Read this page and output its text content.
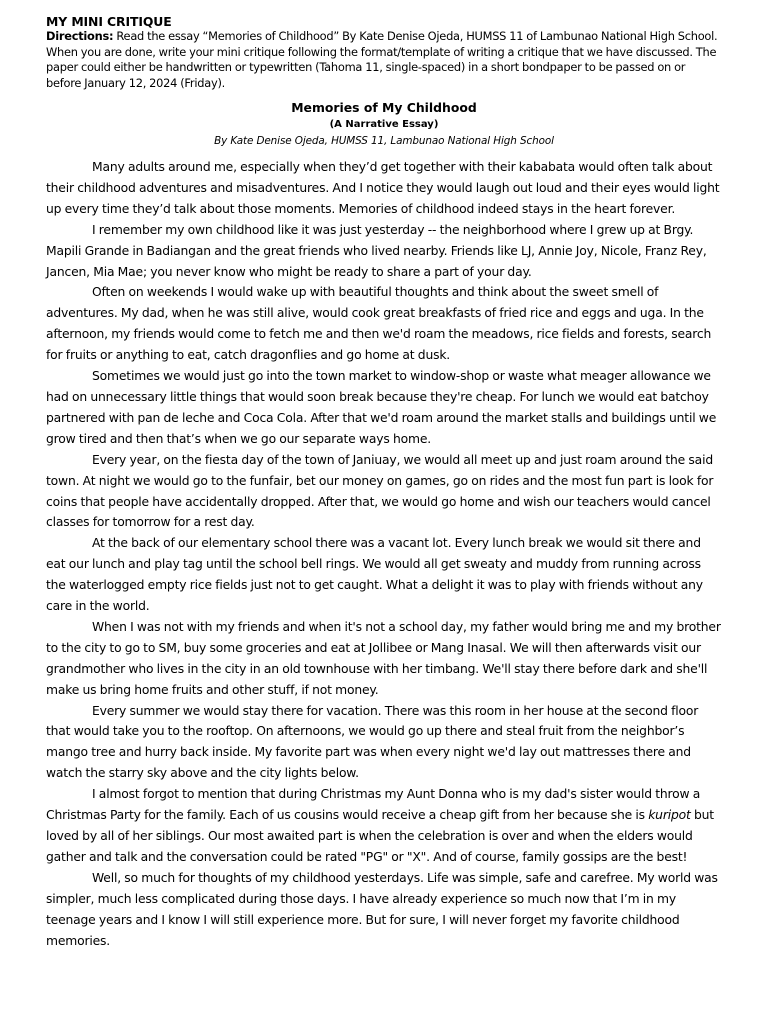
MY MINI CRITIQUE

Directions: Read the essay “Memories of Childhood” By Kate Denise Ojeda, HUMSS 11 of Lambunao National High School. When you are done, write your mini critique following the format/template of writing a critique that we have discussed. The paper could either be handwritten or typewritten (Tahoma 11, single-spaced) in a short bondpaper to be passed on or before January 12, 2024 (Friday).

Memories of My Childhood

(A Narrative Essay)

By Kate Denise Ojeda, HUMSS 11, Lambunao National High School

Many adults around me, especially when they’d get together with their kababata would often talk about their childhood adventures and misadventures. And I notice they would laugh out loud and their eyes would light up every time they’d talk about those moments. Memories of childhood indeed stays in the heart forever.

I remember my own childhood like it was just yesterday -- the neighborhood where I grew up at Brgy. Mapili Grande in Badiangan and the great friends who lived nearby. Friends like LJ, Annie Joy, Nicole, Franz Rey, Jancen, Mia Mae; you never know who might be ready to share a part of your day.

Often on weekends I would wake up with beautiful thoughts and think about the sweet smell of adventures. My dad, when he was still alive, would cook great breakfasts of fried rice and eggs and uga. In the afternoon, my friends would come to fetch me and then we'd roam the meadows, rice fields and forests, search for fruits or anything to eat, catch dragonflies and go home at dusk.

Sometimes we would just go into the town market to window-shop or waste what meager allowance we had on unnecessary little things that would soon break because they're cheap. For lunch we would eat batchoy partnered with pan de leche and Coca Cola. After that we'd roam around the market stalls and buildings until we grow tired and then that’s when we go our separate ways home.

Every year, on the fiesta day of the town of Janiuay, we would all meet up and just roam around the said town. At night we would go to the funfair, bet our money on games, go on rides and the most fun part is look for coins that people have accidentally dropped. After that, we would go home and wish our teachers would cancel classes for tomorrow for a rest day.

At the back of our elementary school there was a vacant lot. Every lunch break we would sit there and eat our lunch and play tag until the school bell rings. We would all get sweaty and muddy from running across the waterlogged empty rice fields just not to get caught. What a delight it was to play with friends without any care in the world.

When I was not with my friends and when it's not a school day, my father would bring me and my brother to the city to go to SM, buy some groceries and eat at Jollibee or Mang Inasal. We will then afterwards visit our grandmother who lives in the city in an old townhouse with her timbang. We'll stay there before dark and she'll make us bring home fruits and other stuff, if not money.

Every summer we would stay there for vacation. There was this room in her house at the second floor that would take you to the rooftop. On afternoons, we would go up there and steal fruit from the neighbor’s mango tree and hurry back inside. My favorite part was when every night we'd lay out mattresses there and watch the starry sky above and the city lights below.

I almost forgot to mention that during Christmas my Aunt Donna who is my dad's sister would throw a Christmas Party for the family. Each of us cousins would receive a cheap gift from her because she is kuripot but loved by all of her siblings. Our most awaited part is when the celebration is over and when the elders would gather and talk and the conversation could be rated "PG" or "X". And of course, family gossips are the best!

Well, so much for thoughts of my childhood yesterdays. Life was simple, safe and carefree. My world was simpler, much less complicated during those days. I have already experience so much now that I’m in my teenage years and I know I will still experience more. But for sure, I will never forget my favorite childhood memories.
